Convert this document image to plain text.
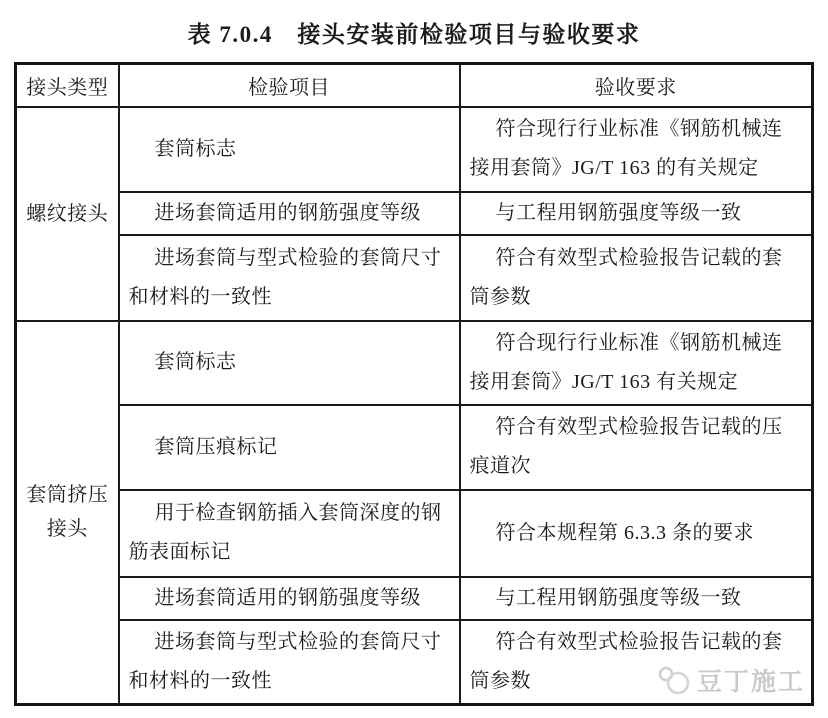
表 7.0.4　接头安装前检验项目与验收要求
接头类型	检验项目	验收要求
螺纹接头	套筒标志	符合现行行业标准《钢筋机械连接用套筒》JG/T 163 的有关规定
	进场套筒适用的钢筋强度等级	与工程用钢筋强度等级一致
	进场套筒与型式检验的套筒尺寸和材料的一致性	符合有效型式检验报告记载的套筒参数
套筒挤压接头	套筒标志	符合现行行业标准《钢筋机械连接用套筒》JG/T 163 有关规定
	套筒压痕标记	符合有效型式检验报告记载的压痕道次
	用于检查钢筋插入套筒深度的钢筋表面标记	符合本规程第 6.3.3 条的要求
	进场套筒适用的钢筋强度等级	与工程用钢筋强度等级一致
	进场套筒与型式检验的套筒尺寸和材料的一致性	符合有效型式检验报告记载的套筒参数	豆丁施工
